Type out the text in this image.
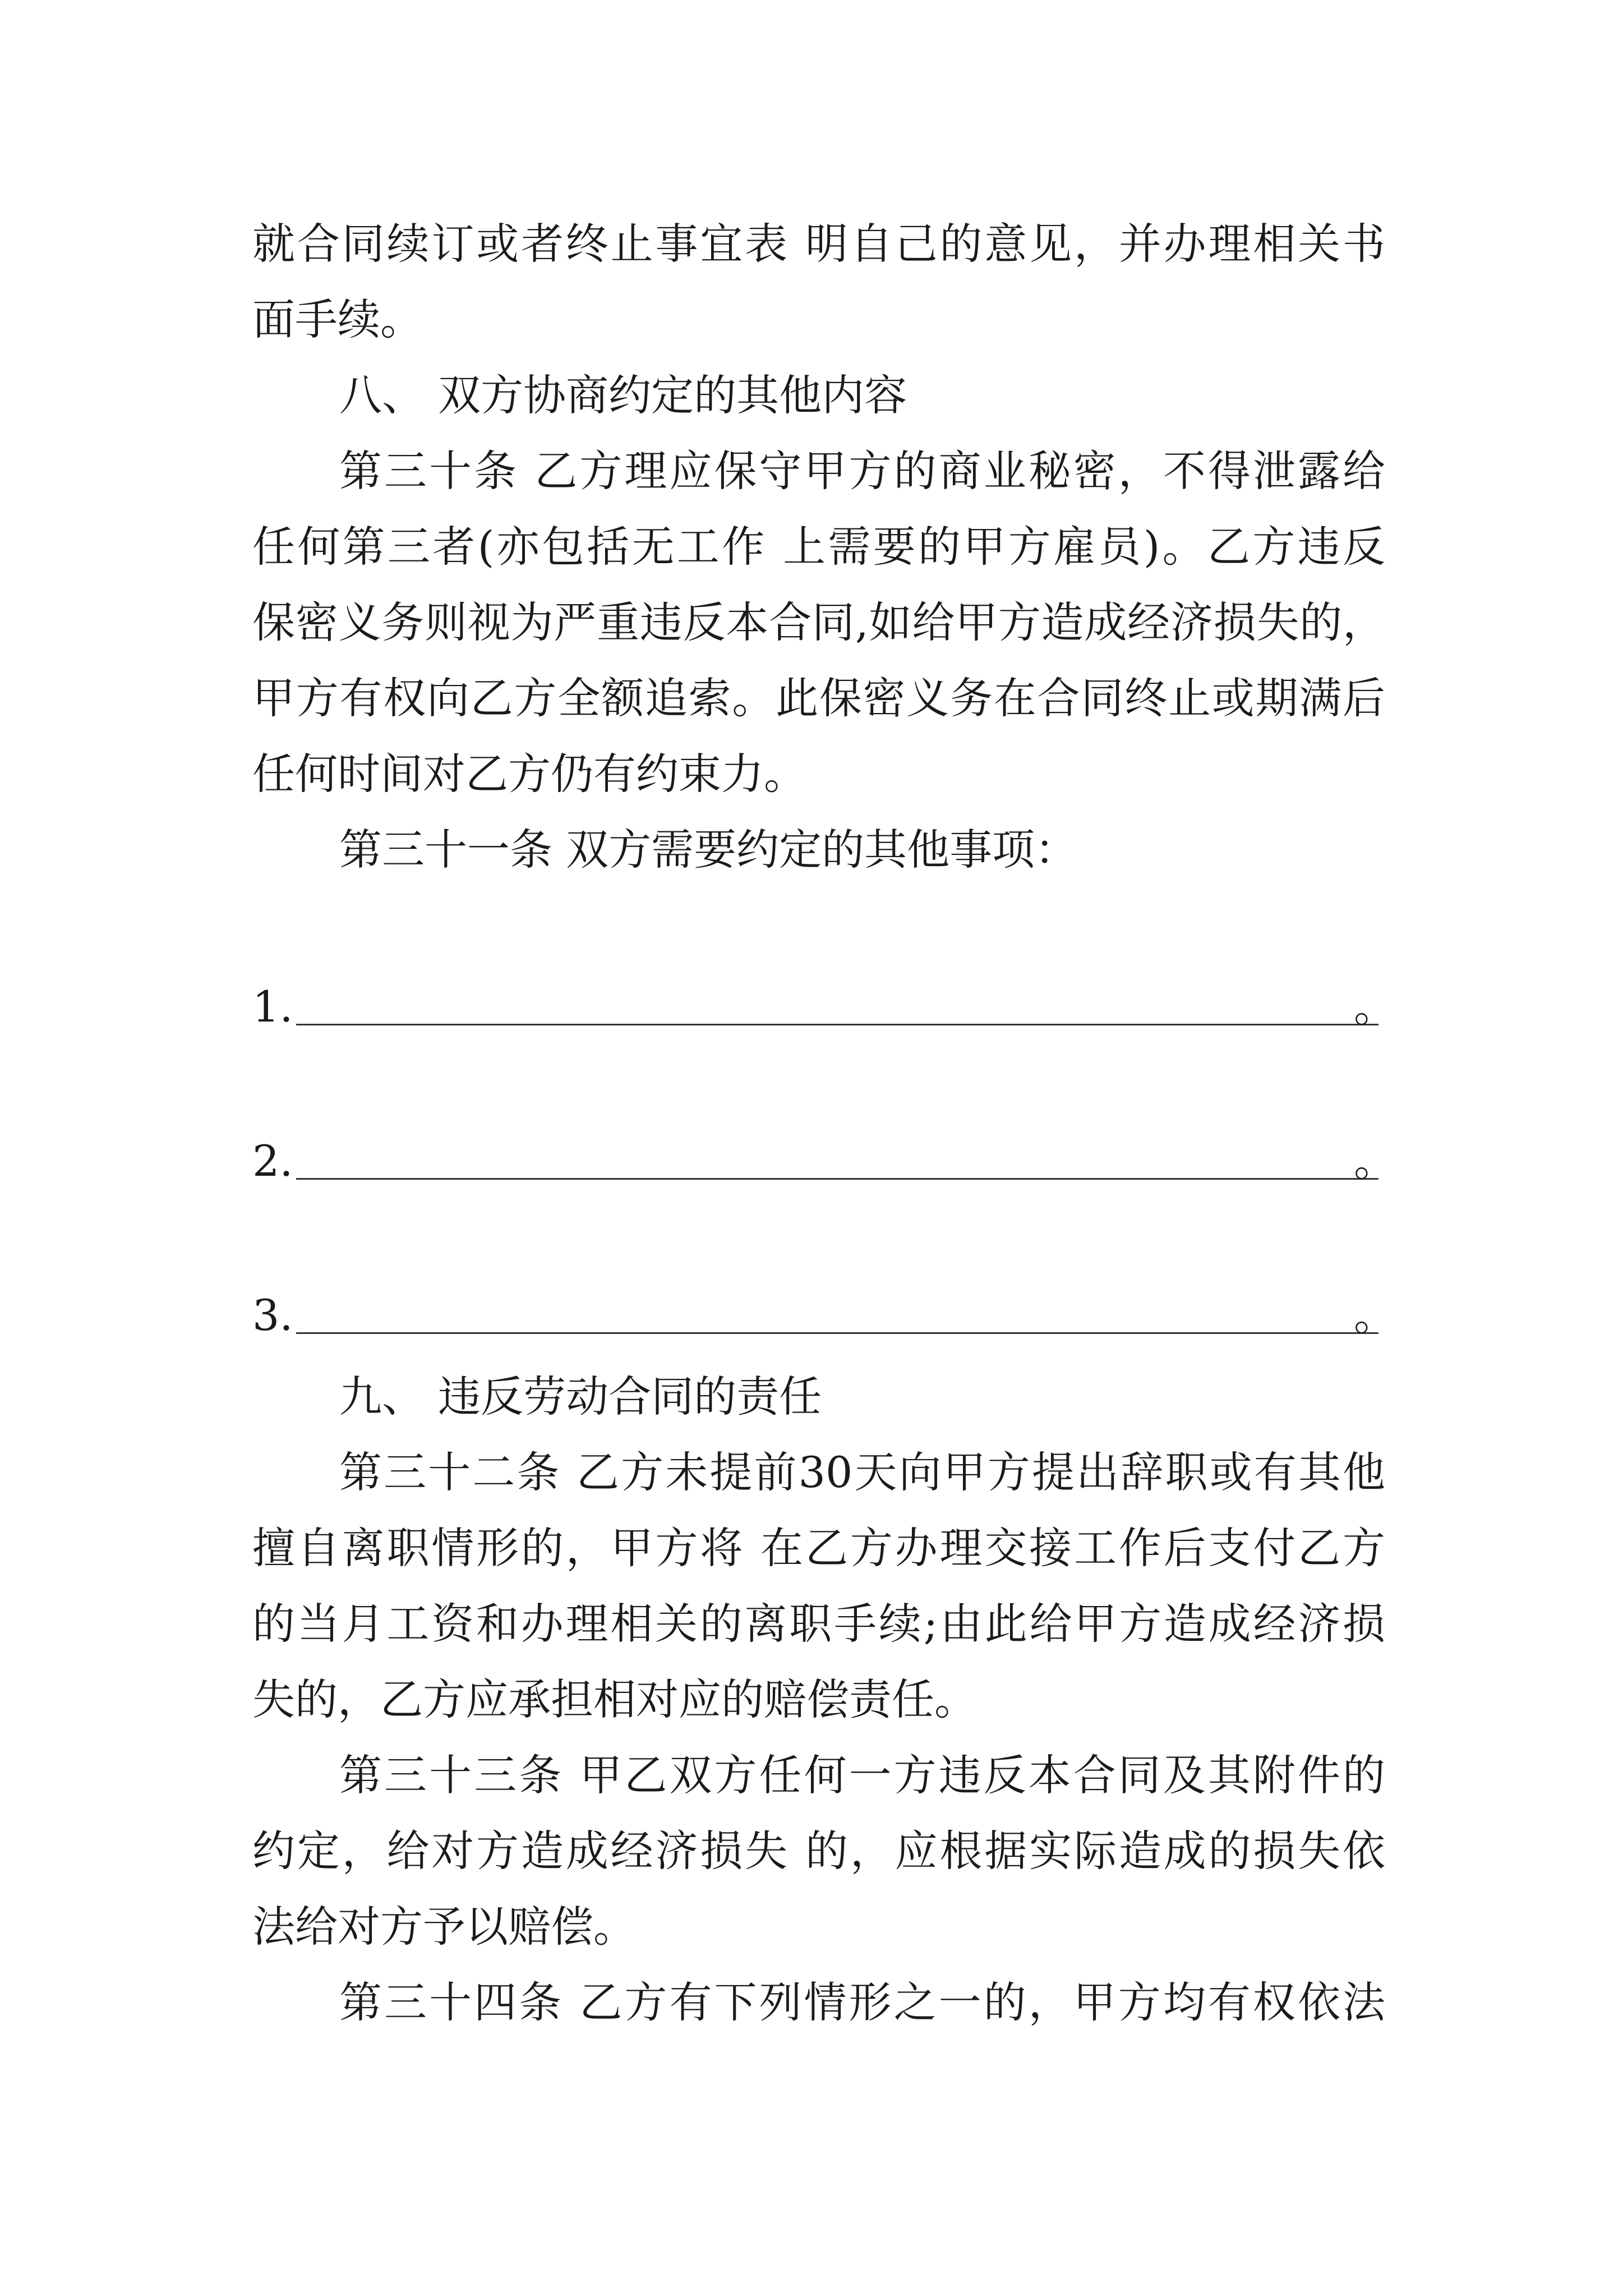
就合同续订或者终止事宜表 明自己的意见，并办理相关书
面手续。
八、 双方协商约定的其他内容
第三十条 乙方理应保守甲方的商业秘密，不得泄露给
任何第三者(亦包括无工作 上需要的甲方雇员)。乙方违反
保密义务则视为严重违反本合同,如给甲方造成经济损失的，
甲方有权向乙方全额追索。此保密义务在合同终止或期满后
任何时间对乙方仍有约束力。
第三十一条 双方需要约定的其他事项：
1.	。
2.	。
3.	。
九、 违反劳动合同的责任
第三十二条 乙方未提前30天向甲方提出辞职或有其他
擅自离职情形的，甲方将 在乙方办理交接工作后支付乙方
的当月工资和办理相关的离职手续;由此给甲方造成经济损
失的，乙方应承担相对应的赔偿责任。
第三十三条 甲乙双方任何一方违反本合同及其附件的
约定，给对方造成经济损失 的，应根据实际造成的损失依
法给对方予以赔偿。
第三十四条 乙方有下列情形之一的，甲方均有权依法
